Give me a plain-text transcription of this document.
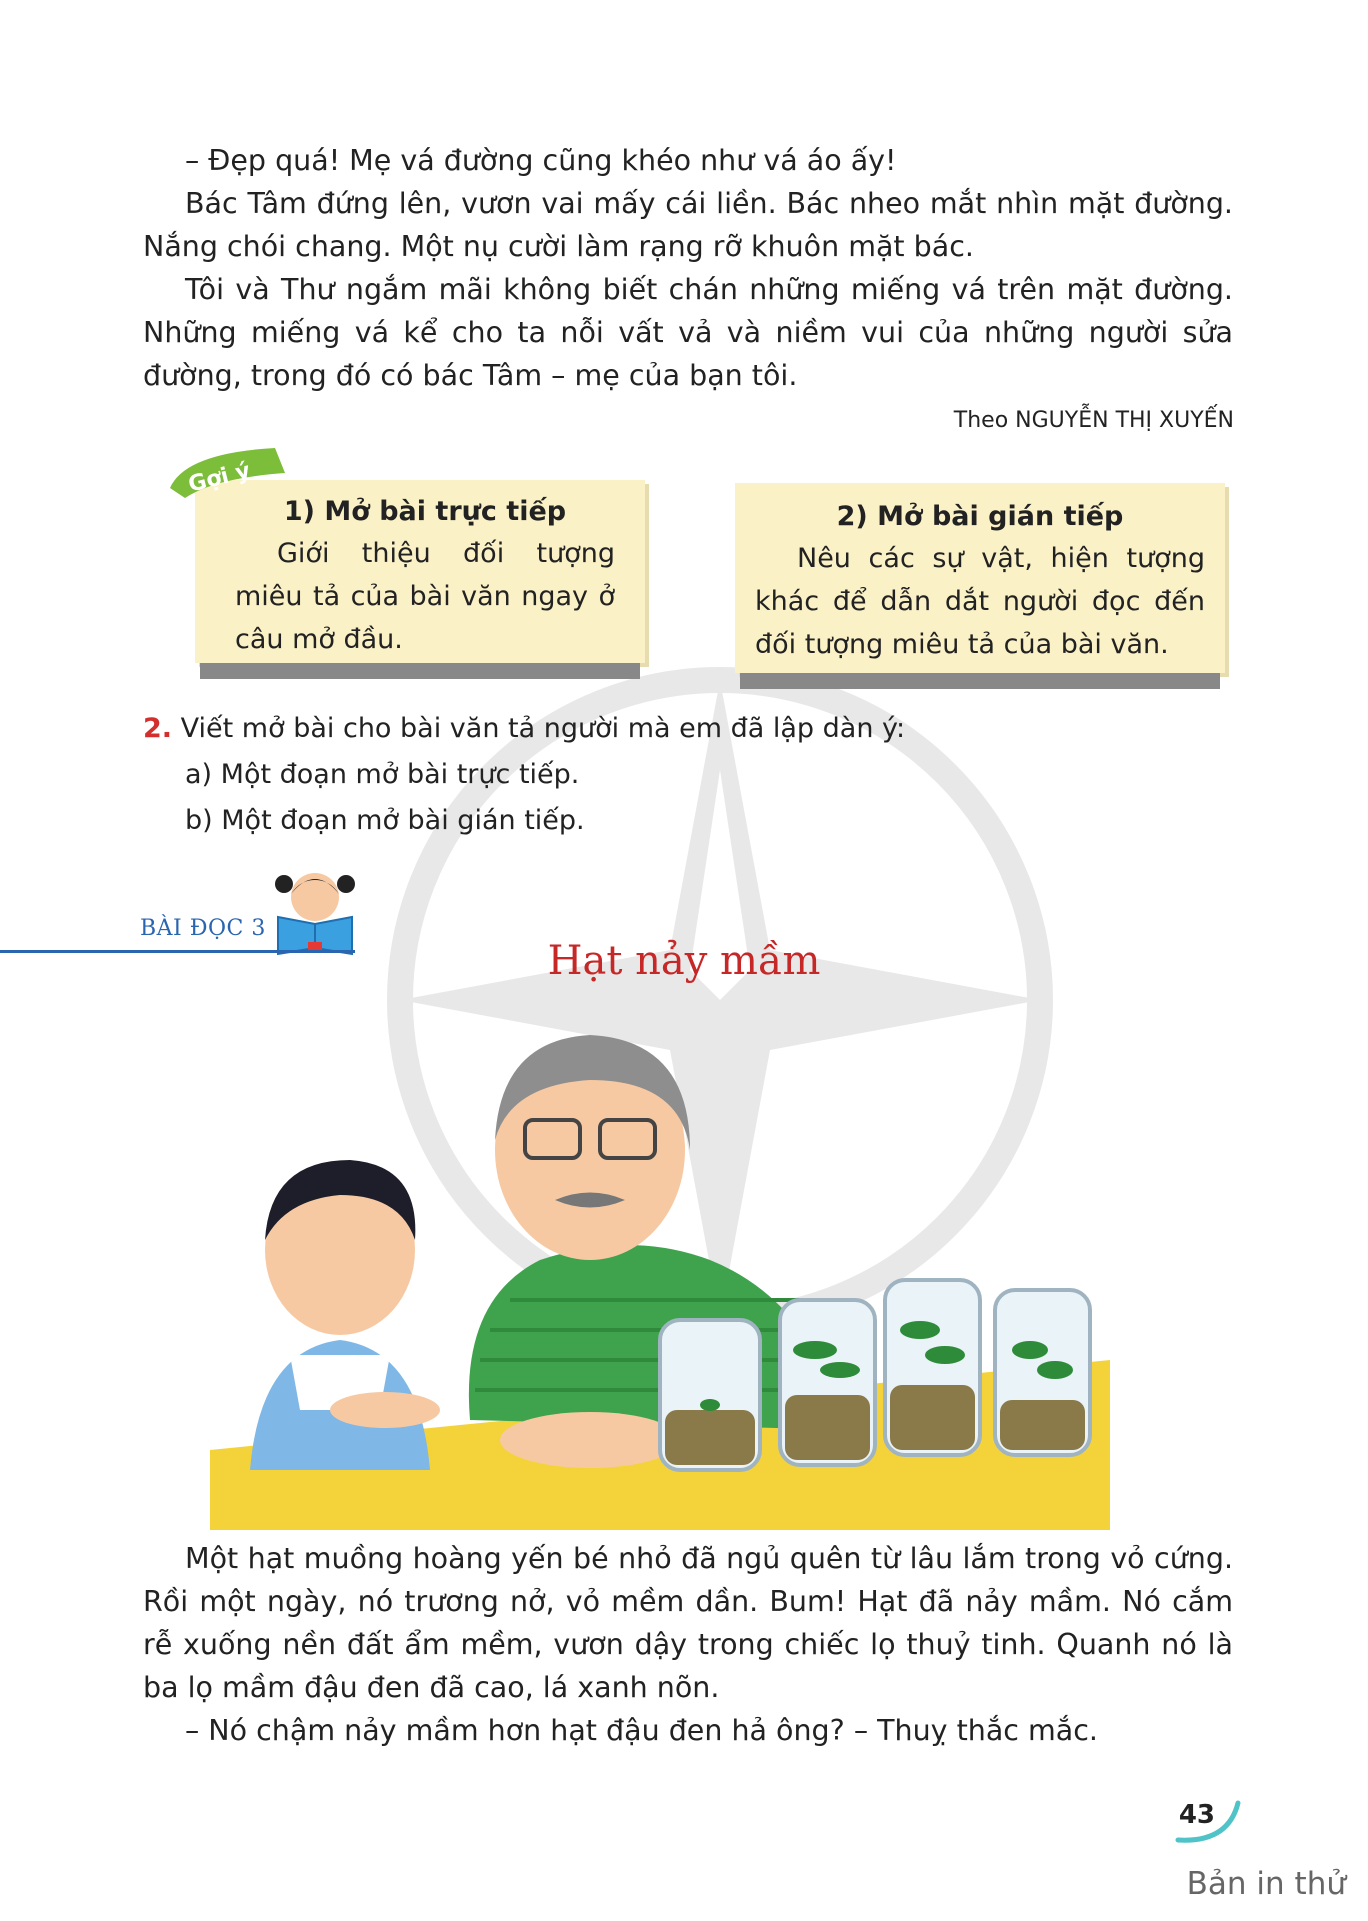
– Đẹp quá! Mẹ vá đường cũng khéo như vá áo ấy!

Bác Tâm đứng lên, vươn vai mấy cái liền. Bác nheo mắt nhìn mặt đường. Nắng chói chang. Một nụ cười làm rạng rỡ khuôn mặt bác.

Tôi và Thư ngắm mãi không biết chán những miếng vá trên mặt đường. Những miếng vá kể cho ta nỗi vất vả và niềm vui của những người sửa đường, trong đó có bác Tâm – mẹ của bạn tôi.

Theo NGUYỄN THỊ XUYẾN
1) Mở bài trực tiếp

Giới thiệu đối tượng miêu tả của bài văn ngay ở câu mở đầu.

2) Mở bài gián tiếp

Nêu các sự vật, hiện tượng khác để dẫn dắt người đọc đến đối tượng miêu tả của bài văn.

Gợi ý
2. Viết mở bài cho bài văn tả người mà em đã lập dàn ý:
a) Một đoạn mở bài trực tiếp.
b) Một đoạn mở bài gián tiếp.
BÀI ĐỌC 3
Hạt nảy mầm

Một hạt muồng hoàng yến bé nhỏ đã ngủ quên từ lâu lắm trong vỏ cứng. Rồi một ngày, nó trương nở, vỏ mềm dần. Bum! Hạt đã nảy mầm. Nó cắm rễ xuống nền đất ẩm mềm, vươn dậy trong chiếc lọ thuỷ tinh. Quanh nó là ba lọ mầm đậu đen đã cao, lá xanh nõn.

– Nó chậm nảy mầm hơn hạt đậu đen hả ông? – Thuỵ thắc mắc.

43
Bản in thử
